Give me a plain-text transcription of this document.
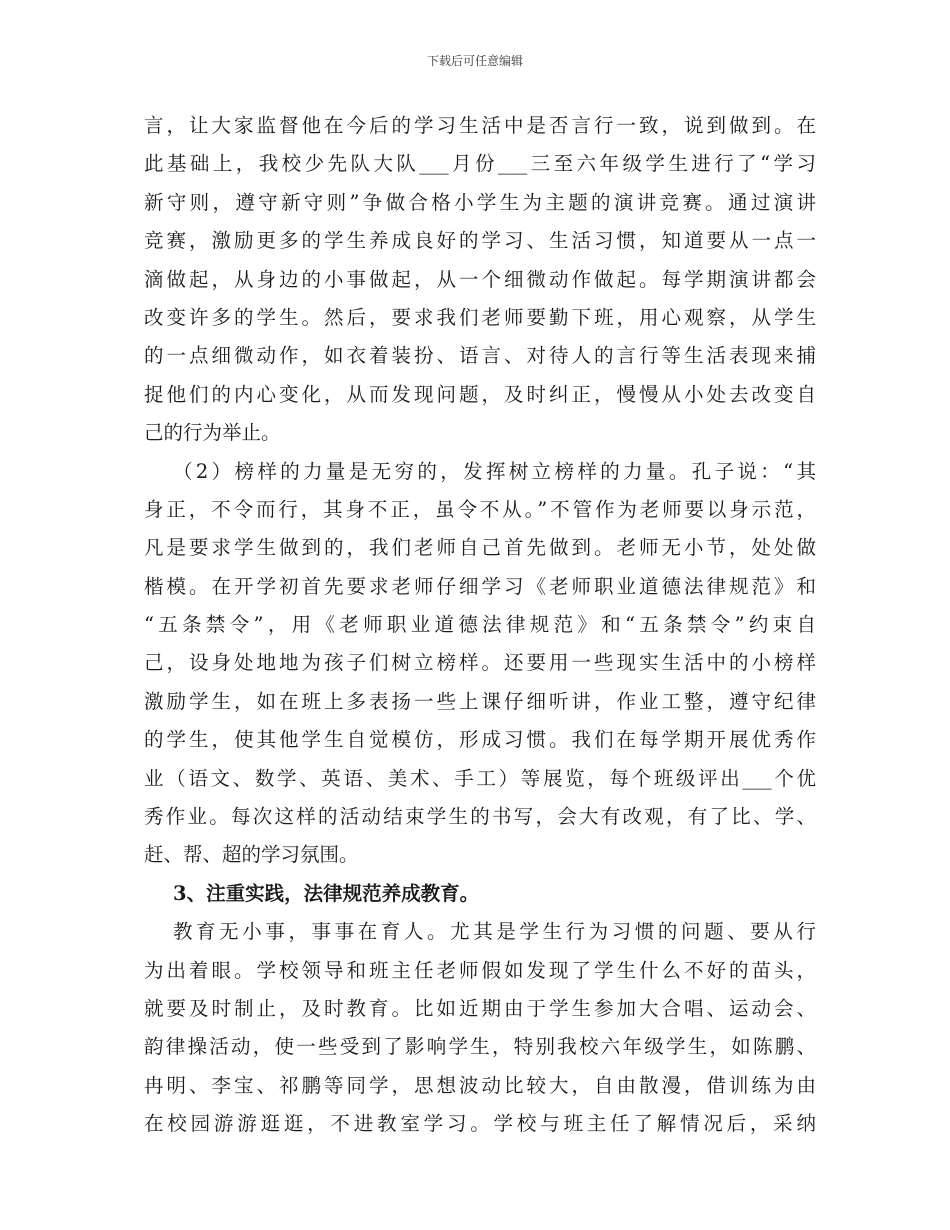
下载后可任意编辑
言，让大家监督他在今后的学习生活中是否言行一致，说到做到。在
此基础上，我校少先队大队___月份___三至六年级学生进行了“学习
新守则，遵守新守则”争做合格小学生为主题的演讲竞赛。通过演讲
竞赛，激励更多的学生养成良好的学习、生活习惯，知道要从一点一
滴做起，从身边的小事做起，从一个细微动作做起。每学期演讲都会
改变许多的学生。然后，要求我们老师要勤下班，用心观察，从学生
的一点细微动作，如衣着装扮、语言、对待人的言行等生活表现来捕
捉他们的内心变化，从而发现问题，及时纠正，慢慢从小处去改变自
己的行为举止。
（2）榜样的力量是无穷的，发挥树立榜样的力量。孔子说：“其
身正，不令而行，其身不正，虽令不从。”不管作为老师要以身示范，
凡是要求学生做到的，我们老师自己首先做到。老师无小节，处处做
楷模。在开学初首先要求老师仔细学习《老师职业道德法律规范》和
“五条禁令”，用《老师职业道德法律规范》和“五条禁令”约束自
己，设身处地地为孩子们树立榜样。还要用一些现实生活中的小榜样
激励学生，如在班上多表扬一些上课仔细听讲，作业工整，遵守纪律
的学生，使其他学生自觉模仿，形成习惯。我们在每学期开展优秀作
业（语文、数学、英语、美术、手工）等展览，每个班级评出___个优
秀作业。每次这样的活动结束学生的书写，会大有改观，有了比、学、
赶、帮、超的学习氛围。
3、注重实践，法律规范养成教育。
教育无小事，事事在育人。尤其是学生行为习惯的问题、要从行
为出着眼。学校领导和班主任老师假如发现了学生什么不好的苗头，
就要及时制止，及时教育。比如近期由于学生参加大合唱、运动会、
韵律操活动，使一些受到了影响学生，特别我校六年级学生，如陈鹏、
冉明、李宝、祁鹏等同学，思想波动比较大，自由散漫，借训练为由
在校园游游逛逛，不进教室学习。学校与班主任了解情况后，采纳
